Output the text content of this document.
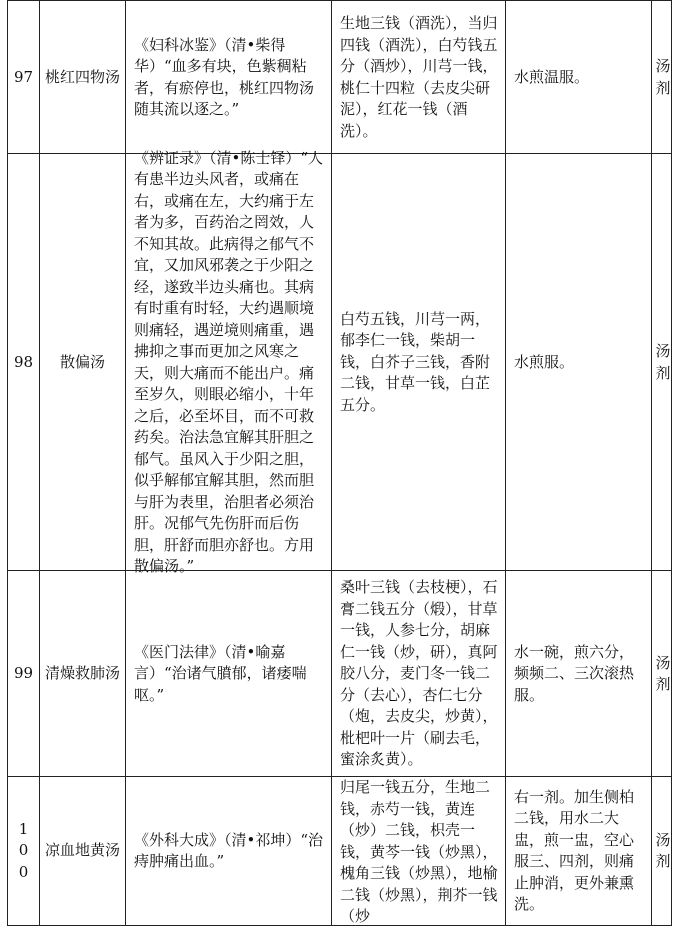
97 桃红四物汤
《妇科冰鉴》（清•柴得华）“血多有块，色紫稠粘者，有瘀停也，桃红四物汤随其流以逐之。”
生地三钱（酒洗），当归四钱（酒洗），白芍钱五分（酒炒），川芎一钱，桃仁十四粒（去皮尖研泥），红花一钱（酒洗）。
水煎温服。
汤剂
98 散偏汤
《辨证录》（清•陈士铎）“人有患半边头风者，或痛在右，或痛在左，大约痛于左者为多，百药治之罔效，人不知其故。此病得之郁气不宜，又加风邪袭之于少阳之经，遂致半边头痛也。其病有时重有时轻，大约遇顺境则痛轻，遇逆境则痛重，遇拂抑之事而更加之风寒之天，则大痛而不能出户。痛至岁久，则眼必缩小，十年之后，必至坏目，而不可救药矣。治法急宜解其肝胆之郁气。虽风入于少阳之胆，似乎解郁宜解其胆，然而胆与肝为表里，治胆者必须治肝。况郁气先伤肝而后伤胆，肝舒而胆亦舒也。方用散偏汤。”
白芍五钱，川芎一两，郁李仁一钱，柴胡一钱，白芥子三钱，香附二钱，甘草一钱，白芷五分。
水煎服。
汤剂
99 清燥救肺汤
《医门法律》（清•喻嘉言）“治诸气膹郁，诸痿喘呕。”
桑叶三钱（去枝梗），石膏二钱五分（煅），甘草一钱，人参七分，胡麻仁一钱（炒，研），真阿胶八分，麦门冬一钱二分（去心），杏仁七分（炮，去皮尖，炒黄），枇杷叶一片（刷去毛，蜜涂炙黄）。
水一碗，煎六分，频频二、三次滚热服。
汤剂
100
凉血地黄汤
《外科大成》（清•祁坤）“治痔肿痛出血。”
归尾一钱五分，生地二钱，赤芍一钱，黄连（炒）二钱，枳壳一钱，黄芩一钱（炒黑），槐角三钱（炒黑），地榆二钱（炒黑），荆芥一钱（炒
右一剂。加生侧柏二钱，用水二大盅，煎一盅，空心服三、四剂，则痛止肿消，更外兼熏洗。
汤剂
